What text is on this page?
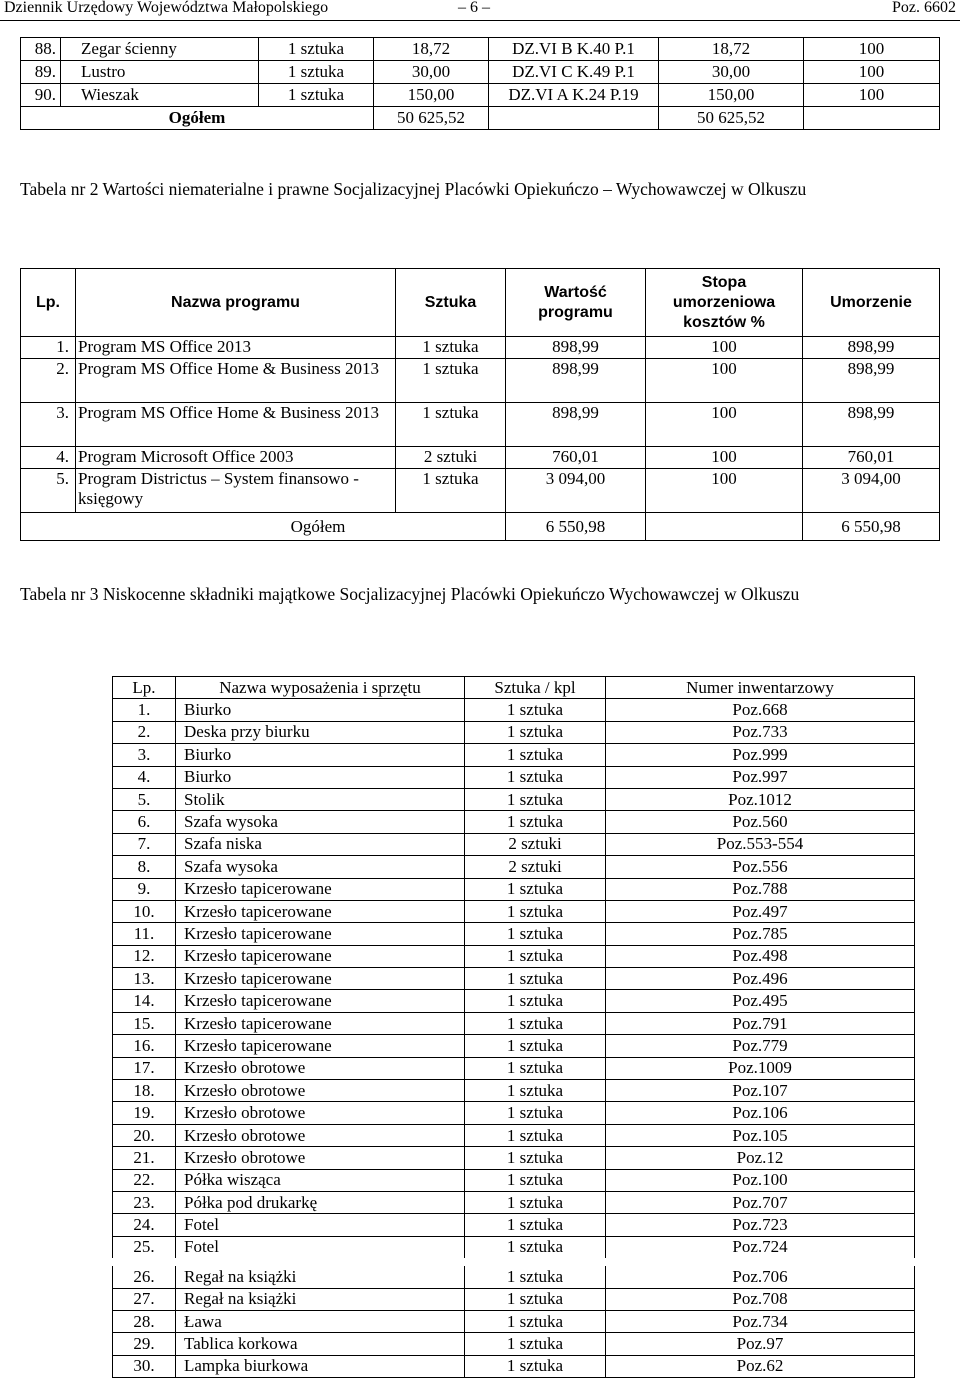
Dziennik Urzędowy Województwa Małopolskiego	– 6 –	Poz. 6602
88.	Zegar ścienny	1 sztuka	18,72	DZ.VI B K.40 P.1	18,72	100
89.	Lustro	1 sztuka	30,00	DZ.VI C K.49 P.1	30,00	100
90.	Wieszak	1 sztuka	150,00	DZ.VI A K.24 P.19	150,00	100
Ogółem			50 625,52		50 625,52	
Tabela nr 2 Wartości niematerialne i prawne Socjalizacyjnej Placówki Opiekuńczo – Wychowawczej w Olkuszu
Lp.	Nazwa programu	Sztuka	Wartość programu	Stopa umorzeniowa kosztów %	Umorzenie
1.	Program MS Office 2013	1 sztuka	898,99	100	898,99
2.	Program MS Office Home & Business 2013	1 sztuka	898,99	100	898,99
3.	Program MS Office Home & Business 2013	1 sztuka	898,99	100	898,99
4.	Program Microsoft Office 2003	2 sztuki	760,01	100	760,01
5.	Program Districtus – System finansowo - księgowy	1 sztuka	3 094,00	100	3 094,00
Ogółem			6 550,98		6 550,98
Tabela nr 3 Niskocenne składniki majątkowe Socjalizacyjnej Placówki Opiekuńczo Wychowawczej w Olkuszu
Lp.	Nazwa wyposażenia i sprzętu	Sztuka / kpl	Numer inwentarzowy
1.	Biurko	1 sztuka	Poz.668
2.	Deska przy biurku	1 sztuka	Poz.733
3.	Biurko	1 sztuka	Poz.999
4.	Biurko	1 sztuka	Poz.997
5.	Stolik	1 sztuka	Poz.1012
6.	Szafa wysoka	1 sztuka	Poz.560
7.	Szafa niska	2 sztuki	Poz.553-554
8.	Szafa wysoka	2 sztuki	Poz.556
9.	Krzesło tapicerowane	1 sztuka	Poz.788
10.	Krzesło tapicerowane	1 sztuka	Poz.497
11.	Krzesło tapicerowane	1 sztuka	Poz.785
12.	Krzesło tapicerowane	1 sztuka	Poz.498
13.	Krzesło tapicerowane	1 sztuka	Poz.496
14.	Krzesło tapicerowane	1 sztuka	Poz.495
15.	Krzesło tapicerowane	1 sztuka	Poz.791
16.	Krzesło tapicerowane	1 sztuka	Poz.779
17.	Krzesło obrotowe	1 sztuka	Poz.1009
18.	Krzesło obrotowe	1 sztuka	Poz.107
19.	Krzesło obrotowe	1 sztuka	Poz.106
20.	Krzesło obrotowe	1 sztuka	Poz.105
21.	Krzesło obrotowe	1 sztuka	Poz.12
22.	Półka wisząca	1 sztuka	Poz.100
23.	Półka pod drukarkę	1 sztuka	Poz.707
24.	Fotel	1 sztuka	Poz.723
25.	Fotel	1 sztuka	Poz.724
26.	Regał na książki	1 sztuka	Poz.706
27.	Regał na książki	1 sztuka	Poz.708
28.	Ława	1 sztuka	Poz.734
29.	Tablica korkowa	1 sztuka	Poz.97
30.	Lampka biurkowa	1 sztuka	Poz.62
